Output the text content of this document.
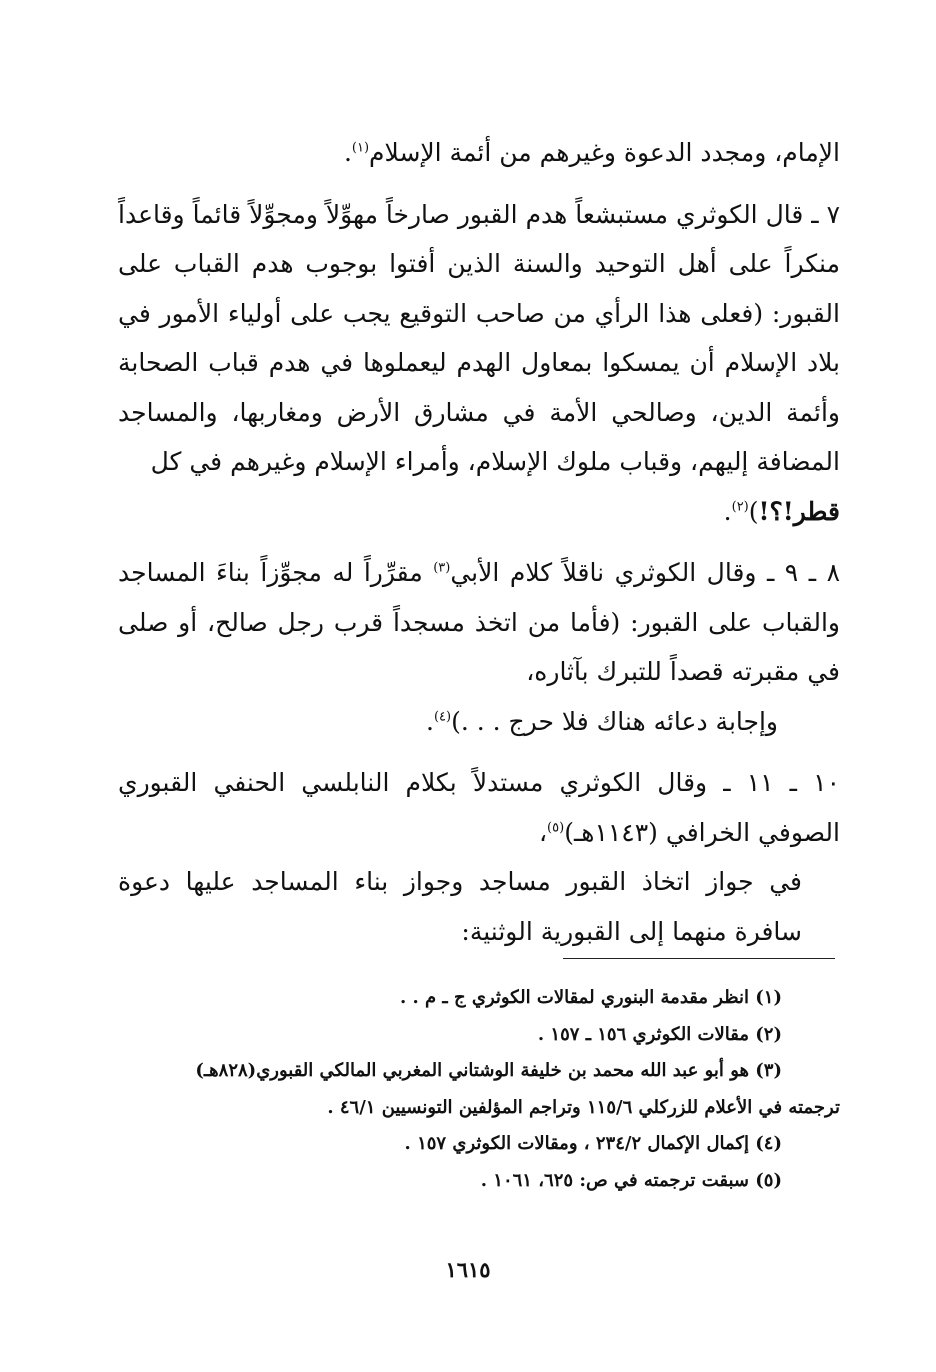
الإمام، ومجدد الدعوة وغيرهم من أئمة الإسلام$^{(١)}$.

٧ ـ قال الكوثري مستبشعاً هدم القبور صارخاً مهوِّلاً ومجوِّلاً قائماً وقاعداً منكراً على أهل التوحيد والسنة الذين أفتوا بوجوب هدم القباب على القبور: (فعلى هذا الرأي من صاحب التوقيع يجب على أولياء الأمور في بلاد الإسلام أن يمسكوا بمعاول الهدم ليعملوها في هدم قباب الصحابة وأئمة الدين، وصالحي الأمة في مشارق الأرض ومغاربها، والمساجد المضافة إليهم، وقباب ملوك الإسلام، وأمراء الإسلام وغيرهم في كل
قطر!؟!)$^{(٢)}$.

٨ ـ ٩ ـ وقال الكوثري ناقلاً كلام الأبي$^{(٣)}$ مقرِّراً له مجوِّزاً بناءَ المساجد والقباب على القبور: (فأما من اتخذ مسجداً قرب رجل صالح، أو صلى في مقبرته قصداً للتبرك بآثاره،

وإجابة دعائه هناك فلا حرج . . .)$^{(٤)}$.

١٠ ـ ١١ ـ وقال الكوثري مستدلاً بكلام النابلسي الحنفي القبوري الصوفي الخرافي (١١٤٣هـ)$^{(٥)}$،

في جواز اتخاذ القبور مساجد وجواز بناء المساجد عليها دعوة سافرة منهما إلى القبورية الوثنية:

(١) انظر مقدمة البنوري لمقالات الكوثري ج ـ م . .

(٢) مقالات الكوثري ١٥٦ ـ ١٥٧ .

(٣) هو أبو عبد الله محمد بن خليفة الوشتاني المغربي المالكي القبوري(٨٢٨هـ)

ترجمته في الأعلام للزركلي ١١٥/٦ وتراجم المؤلفين التونسيين ٤٦/١ .

(٤) إكمال الإكمال ٢٣٤/٢ ، ومقالات الكوثري ١٥٧ .

(٥) سبقت ترجمته في ص: ٦٢٥، ١٠٦١ .

١٦١٥
